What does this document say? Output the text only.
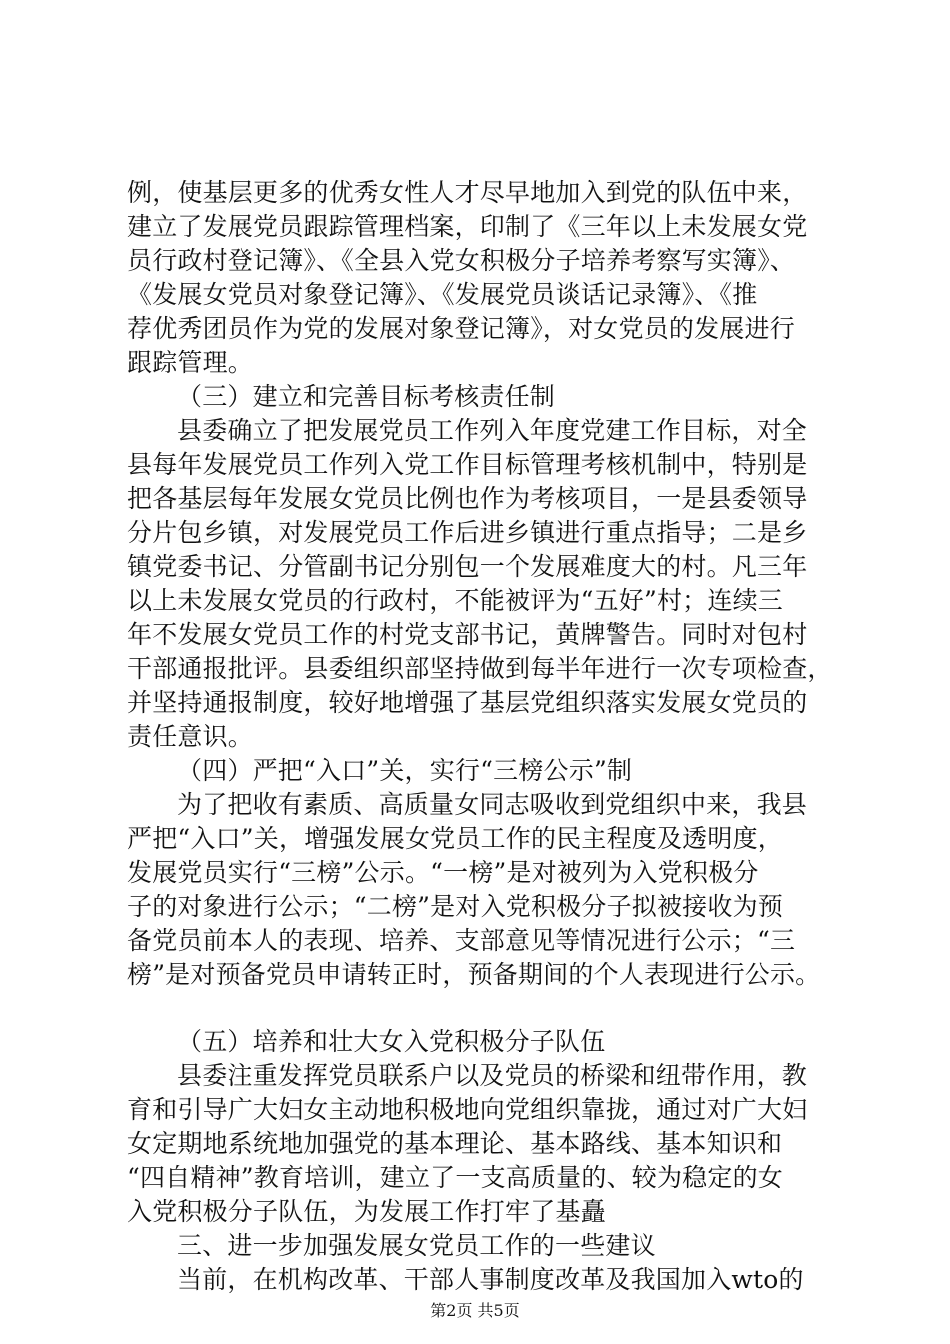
例，使基层更多的优秀女性人才尽早地加入到党的队伍中来，
建立了发展党员跟踪管理档案，印制了《三年以上未发展女党
员行政村登记簿》、《全县入党女积极分子培养考察写实簿》、
《发展女党员对象登记簿》、《发展党员谈话记录簿》、《推
荐优秀团员作为党的发展对象登记簿》，对女党员的发展进行
跟踪管理。
（三）建立和完善目标考核责任制
县委确立了把发展党员工作列入年度党建工作目标，对全
县每年发展党员工作列入党工作目标管理考核机制中，特别是
把各基层每年发展女党员比例也作为考核项目，一是县委领导
分片包乡镇，对发展党员工作后进乡镇进行重点指导；二是乡
镇党委书记、分管副书记分别包一个发展难度大的村。凡三年
以上未发展女党员的行政村，不能被评为“五好”村；连续三
年不发展女党员工作的村党支部书记，黄牌警告。同时对包村
干部通报批评。县委组织部坚持做到每半年进行一次专项检查，
并坚持通报制度，较好地增强了基层党组织落实发展女党员的
责任意识。
（四）严把“入口”关，实行“三榜公示”制
为了把收有素质、高质量女同志吸收到党组织中来，我县
严把“入口”关，增强发展女党员工作的民主程度及透明度，
发展党员实行“三榜”公示。“一榜”是对被列为入党积极分
子的对象进行公示；“二榜”是对入党积极分子拟被接收为预
备党员前本人的表现、培养、支部意见等情况进行公示；“三
榜”是对预备党员申请转正时，预备期间的个人表现进行公示。
（五）培养和壮大女入党积极分子队伍
县委注重发挥党员联系户以及党员的桥梁和纽带作用，教
育和引导广大妇女主动地积极地向党组织靠拢，通过对广大妇
女定期地系统地加强党的基本理论、基本路线、基本知识和
“四自精神”教育培训，建立了一支高质量的、较为稳定的女
入党积极分子队伍，为发展工作打牢了基矗
三、进一步加强发展女党员工作的一些建议
当前，在机构改革、干部人事制度改革及我国加入wto的
第2页 共5页
